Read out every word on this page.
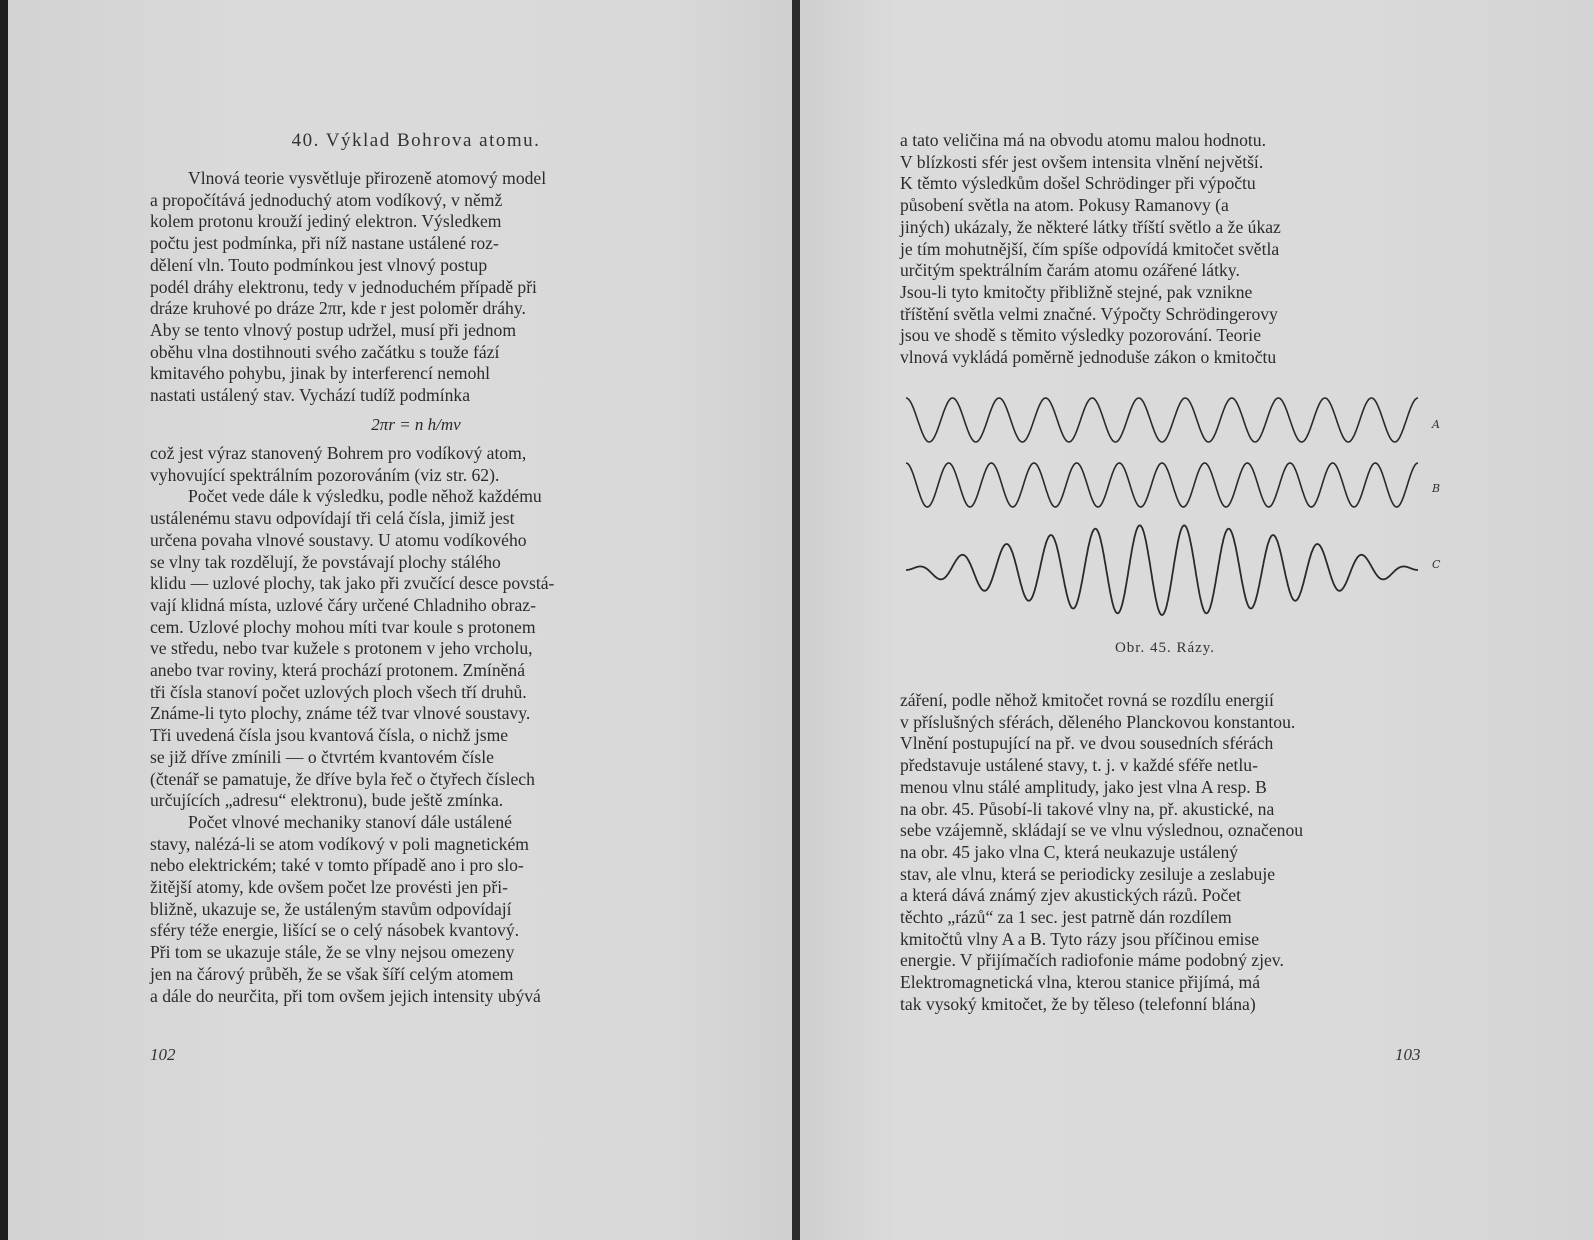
40. Výklad Bohrova atomu.

Vlnová teorie vysvětluje přirozeně atomový model

a propočítává jednoduchý atom vodíkový, v němž

kolem protonu krouží jediný elektron. Výsledkem

počtu jest podmínka, při níž nastane ustálené roz-

dělení vln. Touto podmínkou jest vlnový postup

podél dráhy elektronu, tedy v jednoduchém případě při

dráze kruhové po dráze 2πr, kde r jest poloměr dráhy.

Aby se tento vlnový postup udržel, musí při jednom

oběhu vlna dostihnouti svého začátku s touže fází

kmitavého pohybu, jinak by interferencí nemohl

nastati ustálený stav. Vychází tudíž podmínka

2πr = n h/mv

což jest výraz stanovený Bohrem pro vodíkový atom,

vyhovující spektrálním pozorováním (viz str. 62).

Počet vede dále k výsledku, podle něhož každému

ustálenému stavu odpovídají tři celá čísla, jimiž jest

určena povaha vlnové soustavy. U atomu vodíkového

se vlny tak rozdělují, že povstávají plochy stálého

klidu — uzlové plochy, tak jako při zvučící desce povstá-

vají klidná místa, uzlové čáry určené Chladniho obraz-

cem. Uzlové plochy mohou míti tvar koule s protonem

ve středu, nebo tvar kužele s protonem v jeho vrcholu,

anebo tvar roviny, která prochází protonem. Zmíněná

tři čísla stanoví počet uzlových ploch všech tří druhů.

Známe-li tyto plochy, známe též tvar vlnové soustavy.

Tři uvedená čísla jsou kvantová čísla, o nichž jsme

se již dříve zmínili — o čtvrtém kvantovém čísle

(čtenář se pamatuje, že dříve byla řeč o čtyřech číslech

určujících „adresu“ elektronu), bude ještě zmínka.

Počet vlnové mechaniky stanoví dále ustálené

stavy, nalézá-li se atom vodíkový v poli magnetickém

nebo elektrickém; také v tomto případě ano i pro slo-

žitější atomy, kde ovšem počet lze provésti jen při-

bližně, ukazuje se, že ustáleným stavům odpovídají

sféry téže energie, lišící se o celý násobek kvantový.

Při tom se ukazuje stále, že se vlny nejsou omezeny

jen na čárový průběh, že se však šíří celým atomem

a dále do neurčita, při tom ovšem jejich intensity ubývá

102

a tato veličina má na obvodu atomu malou hodnotu.

V blízkosti sfér jest ovšem intensita vlnění největší.

K těmto výsledkům došel Schrödinger při výpočtu

působení světla na atom. Pokusy Ramanovy (a

jiných) ukázaly, že některé látky tříští světlo a že úkaz

je tím mohutnější, čím spíše odpovídá kmitočet světla

určitým spektrálním čarám atomu ozářené látky.

Jsou-li tyto kmitočty přibližně stejné, pak vznikne

tříštění světla velmi značné. Výpočty Schrödingerovy

jsou ve shodě s těmito výsledky pozorování. Teorie

vlnová vykládá poměrně jednoduše zákon o kmitočtu

A
B
C
Obr. 45. Rázy.

záření, podle něhož kmitočet rovná se rozdílu energií

v příslušných sférách, děleného Planckovou konstantou.

Vlnění postupující na př. ve dvou sousedních sférách

představuje ustálené stavy, t. j. v každé sféře netlu-

menou vlnu stálé amplitudy, jako jest vlna A resp. B

na obr. 45. Působí-li takové vlny na, př. akustické, na

sebe vzájemně, skládají se ve vlnu výslednou, označenou

na obr. 45 jako vlna C, která neukazuje ustálený

stav, ale vlnu, která se periodicky zesiluje a zeslabuje

a která dává známý zjev akustických rázů. Počet

těchto „rázů“ za 1 sec. jest patrně dán rozdílem

kmitočtů vlny A a B. Tyto rázy jsou příčinou emise

energie. V přijímačích radiofonie máme podobný zjev.

Elektromagnetická vlna, kterou stanice přijímá, má

tak vysoký kmitočet, že by těleso (telefonní blána)

103
